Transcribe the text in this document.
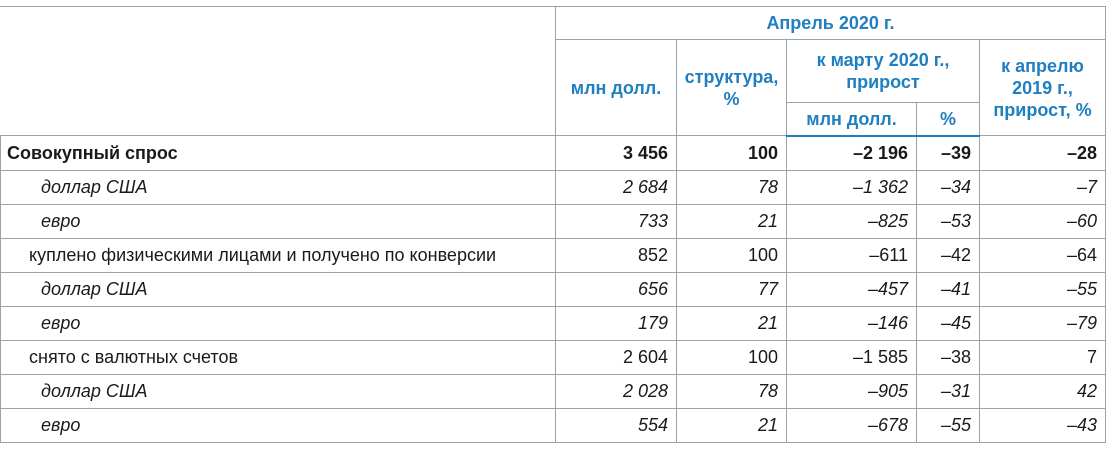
	Апрель 2020 г.				
	млн долл.	структура, %	к марту 2020 г., прирост		к апрелю 2019 г., прирост, %
			млн долл.	%	
Совокупный спрос	3 456	100	–2 196	–39	–28
доллар США	2 684	78	–1 362	–34	–7
евро	733	21	–825	–53	–60
куплено физическими лицами и получено по конверсии	852	100	–611	–42	–64
доллар США	656	77	–457	–41	–55
евро	179	21	–146	–45	–79
снято с валютных счетов	2 604	100	–1 585	–38	7
доллар США	2 028	78	–905	–31	42
евро	554	21	–678	–55	–43
